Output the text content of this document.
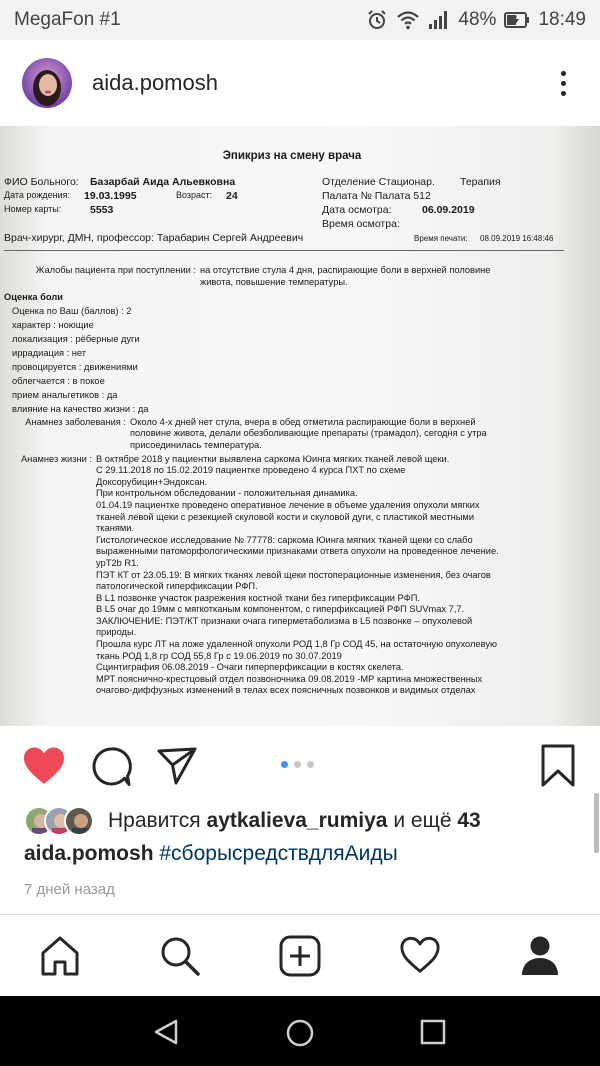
MegaFon #1	48% 18:49
aida.pomosh
Эпикриз на смену врача
ФИО Больного: Базарбай Аида Альевковна	Отделение Стационар. Терапия
Дата рождения: 19.03.1995	Возраст: 24	Палата № Палата 512
Номер карты:	5553	Дата осмотра:	06.09.2019
Время осмотра:
Врач-хирург, ДМН, профессор: Тарабарин Сергей Андреевич	Время печати: 08.09.2019 16:48:46
Жалобы пациента при поступлении : на отсутствие стула 4 дня, распирающие боли в верхней половине
живота, повышение температуры.
Оценка боли
Оценка по Ваш (баллов) : 2
характер : ноющие
локализация : рёберные дуги
иррадиация : нет
провоцируется : движениями
облегчается : в покое
прием анальгетиков : да
влияние на качество жизни : да
Анамнез заболевания : Около 4-х дней нет стула, вчера в обед отметила распирающие боли в верхней
половине живота, делали обезболивающие препараты (трамадол), сегодня с утра
присоединилась температура.
Анамнез жизни : В октябре 2018 у пациентки выявлена саркома Юинга мягких тканей левой щеки.
С 29.11.2018 по 15.02.2019 пациентке проведено 4 курса ПХТ по схеме
Доксорубицин+Эндоксан.
При контрольном обследовании - положительная динамика.
01.04.19 пациентке проведено оперативное лечение в объеме удаления опухоли мягких
тканей левой щеки с резекцией скуловой кости и скуловой дуги, с пластикой местными
тканями.
Гистологическое исследование № 77778: саркома Юинга мягких тканей щеки со слабо
выраженными патоморфологическими признаками ответа опухоли на проведенное лечение.
ypT2b R1.
ПЭТ КТ от 23.05.19: В мягких тканях левой щеки постоперационные изменения, без очагов
патологической гиперфиксации РФП.
В L1 позвонке участок разрежения костной ткани без гиперфиксации РФП.
В L5 очаг до 19мм с мягкотканым компонентом, с гиперфиксацией РФП SUVmax 7,7.
ЗАКЛЮЧЕНИЕ: ПЭТ/КТ признаки очага гиперметаболизма в L5 позвонке – опухолевой
природы.
Прошла курс ЛТ на ложе удаленной опухоли РОД 1,8 Гр СОД 45, на остаточную опухолевую
ткань РОД 1,8 гр СОД 55,8 Гр с 19.06.2019 по 30.07.2019
Сцинтиграфия 06.08.2019 - Очаги гиперперфиксации в костях скелета.
МРТ пояснично-крестцовый отдел позвоночника 09.08.2019 -МР картина множественных
очагово-диффузных изменений в телах всех поясничных позвонков и видимых отделах
Нравится aytkalieva_rumiya и ещё 43
aida.pomosh #сборысредствдляАиды
7 дней назад
